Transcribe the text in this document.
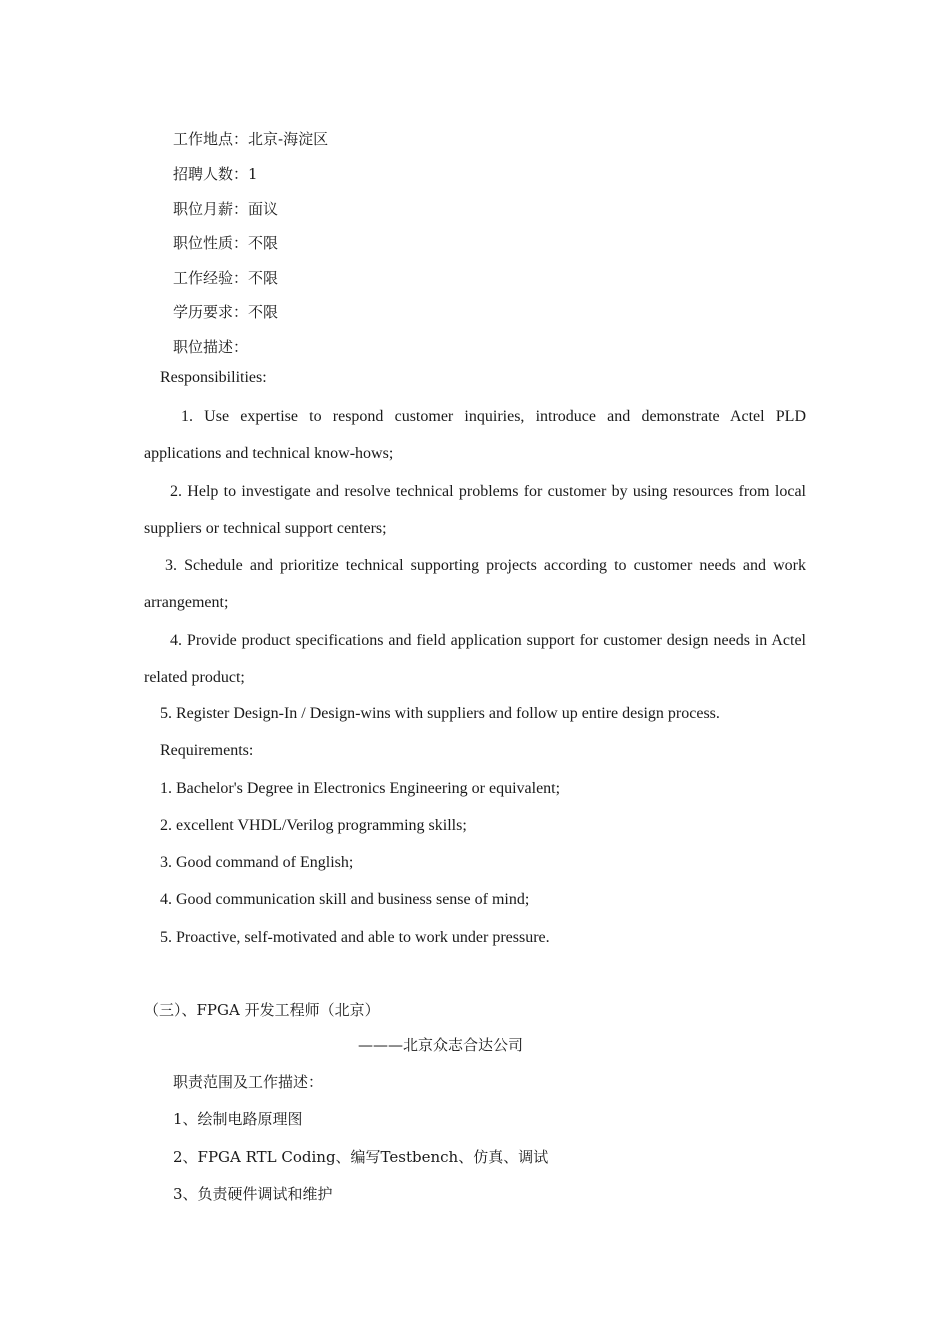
工作地点：北京-海淀区
招聘人数：1
职位月薪：面议
职位性质：不限
工作经验：不限
学历要求：不限
职位描述：
Responsibilities:
1. Use expertise to respond customer inquiries, introduce and demonstrate Actel PLD applications and technical know-hows;
2. Help to investigate and resolve technical problems for customer by using resources from local suppliers or technical support centers;
3. Schedule and prioritize technical supporting projects according to customer needs and work arrangement;
4. Provide product specifications and field application support for customer design needs in Actel related product;
5. Register Design-In / Design-wins with suppliers and follow up entire design process.
Requirements:
1. Bachelor's Degree in Electronics Engineering or equivalent;
2. excellent VHDL/Verilog programming skills;
3. Good command of English;
4. Good communication skill and business sense of mind;
5. Proactive, self-motivated and able to work under pressure.
（三）、FPGA 开发工程师（北京）
———北京众志合达公司
职责范围及工作描述：
1、绘制电路原理图
2、FPGA RTL Coding、编写Testbench、仿真、调试
3、负责硬件调试和维护
